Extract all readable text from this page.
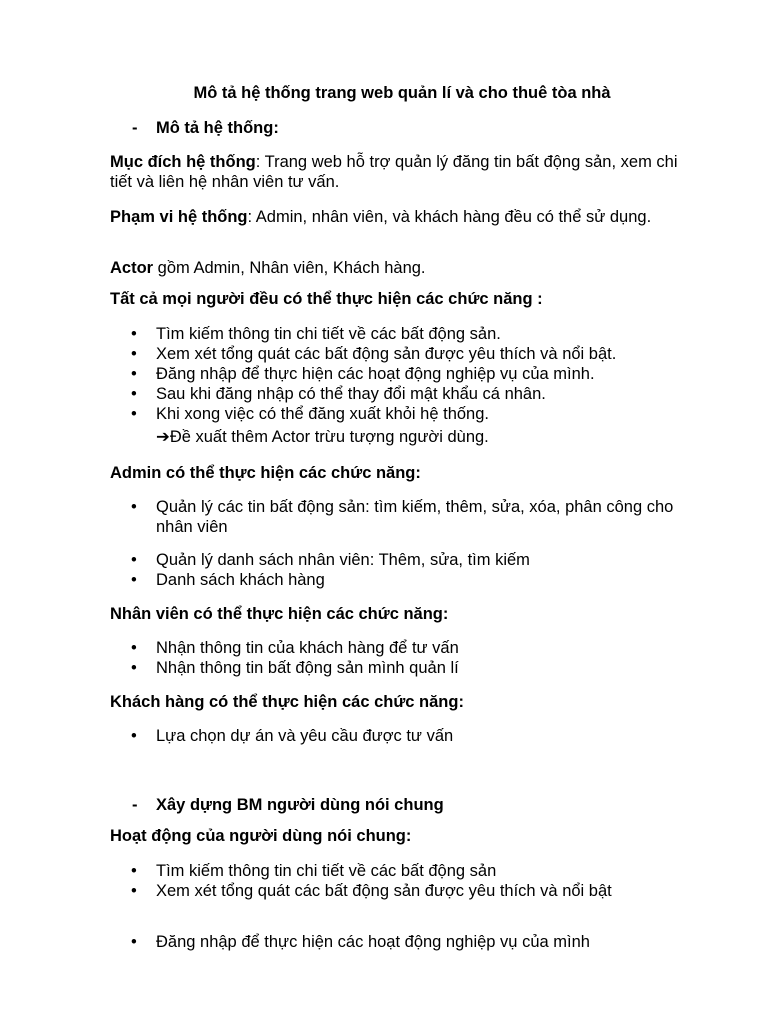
Mô tả hệ thống trang web quản lí và cho thuê tòa nhà
- Mô tả hệ thống:
Mục đích hệ thống: Trang web hỗ trợ quản lý đăng tin bất động sản, xem chi tiết và liên hệ nhân viên tư vấn.
Phạm vi hệ thống: Admin, nhân viên, và khách hàng đều có thể sử dụng.
Actor gồm Admin, Nhân viên, Khách hàng.
Tất cả mọi người đều có thể thực hiện các chức năng :
• Tìm kiếm thông tin chi tiết về các bất động sản.
• Xem xét tổng quát các bất động sản được yêu thích và nổi bật.
• Đăng nhập để thực hiện các hoạt động nghiệp vụ của mình.
• Sau khi đăng nhập có thể thay đổi mật khẩu cá nhân.
• Khi xong việc có thể đăng xuất khỏi hệ thống.
➔Đề xuất thêm Actor trừu tượng người dùng.
Admin có thể thực hiện các chức năng:
• Quản lý các tin bất động sản: tìm kiếm, thêm, sửa, xóa, phân công cho nhân viên
• Quản lý danh sách nhân viên: Thêm, sửa, tìm kiếm
• Danh sách khách hàng
Nhân viên có thể thực hiện các chức năng:
• Nhận thông tin của khách hàng để tư vấn
• Nhận thông tin bất động sản mình quản lí
Khách hàng có thể thực hiện các chức năng:
• Lựa chọn dự án và yêu cầu được tư vấn
- Xây dựng BM người dùng nói chung
Hoạt động của người dùng nói chung:
• Tìm kiếm thông tin chi tiết về các bất động sản
• Xem xét tổng quát các bất động sản được yêu thích và nổi bật
• Đăng nhập để thực hiện các hoạt động nghiệp vụ của mình
